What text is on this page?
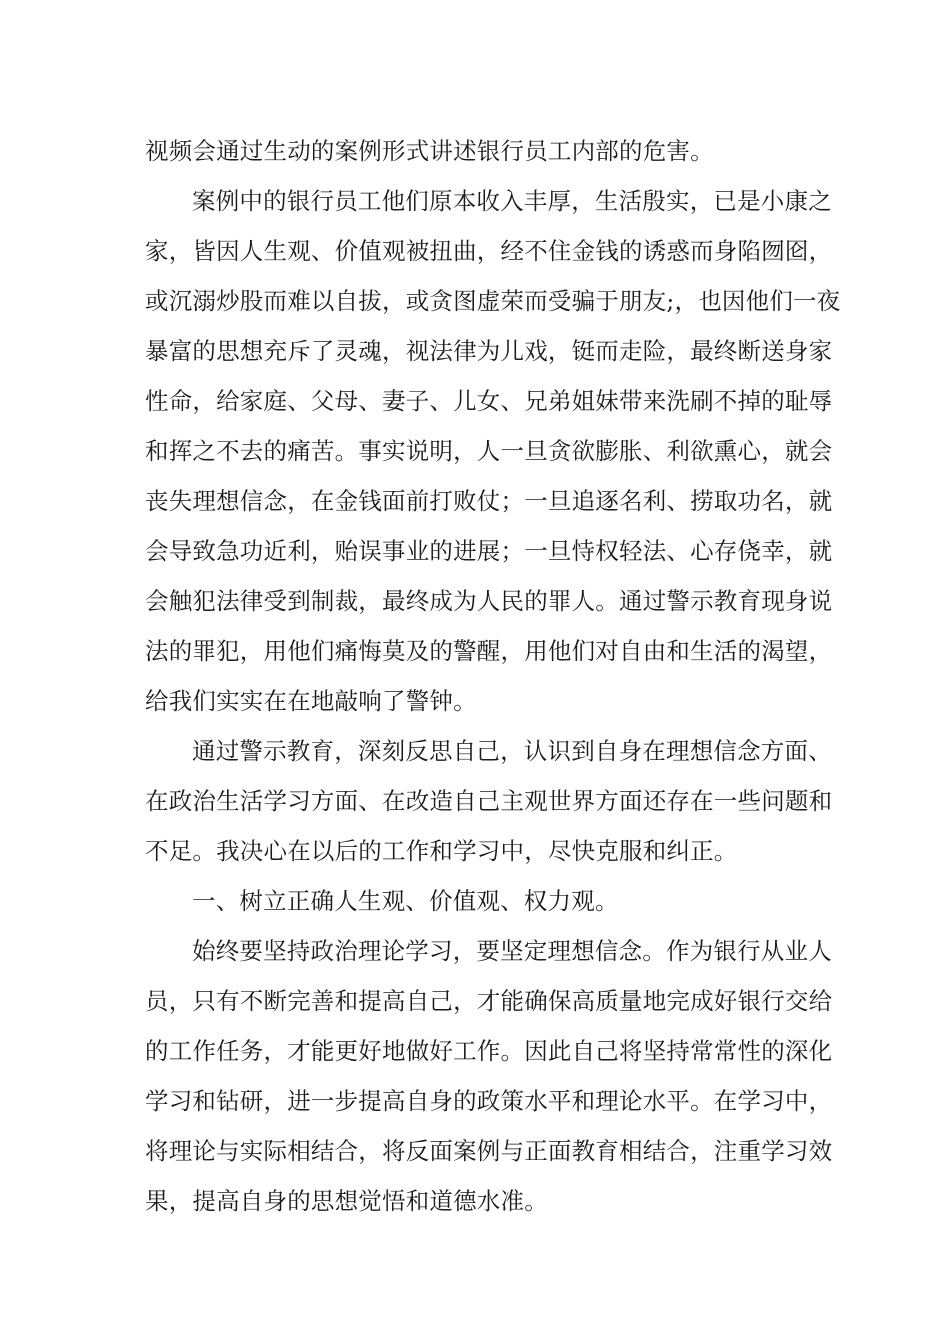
视频会通过生动的案例形式讲述银行员工内部的危害。
案例中的银行员工他们原本收入丰厚，生活殷实，已是小康之
家，皆因人生观、价值观被扭曲，经不住金钱的诱惑而身陷囫囵，
或沉溺炒股而难以自拔，或贪图虚荣而受骗于朋友;，也因他们一夜
暴富的思想充斥了灵魂，视法律为儿戏，铤而走险，最终断送身家
性命，给家庭、父母、妻子、儿女、兄弟姐妹带来洗刷不掉的耻辱
和挥之不去的痛苦。事实说明，人一旦贪欲膨胀、利欲熏心，就会
丧失理想信念，在金钱面前打败仗；一旦追逐名利、捞取功名，就
会导致急功近利，贻误事业的进展；一旦恃权轻法、心存侥幸，就
会触犯法律受到制裁，最终成为人民的罪人。通过警示教育现身说
法的罪犯，用他们痛悔莫及的警醒，用他们对自由和生活的渴望，
给我们实实在在地敲响了警钟。
通过警示教育，深刻反思自己，认识到自身在理想信念方面、
在政治生活学习方面、在改造自己主观世界方面还存在一些问题和
不足。我决心在以后的工作和学习中，尽快克服和纠正。
一、树立正确人生观、价值观、权力观。
始终要坚持政治理论学习，要坚定理想信念。作为银行从业人
员，只有不断完善和提高自己，才能确保高质量地完成好银行交给
的工作任务，才能更好地做好工作。因此自己将坚持常常性的深化
学习和钻研，进一步提高自身的政策水平和理论水平。在学习中，
将理论与实际相结合，将反面案例与正面教育相结合，注重学习效
果，提高自身的思想觉悟和道德水准。
